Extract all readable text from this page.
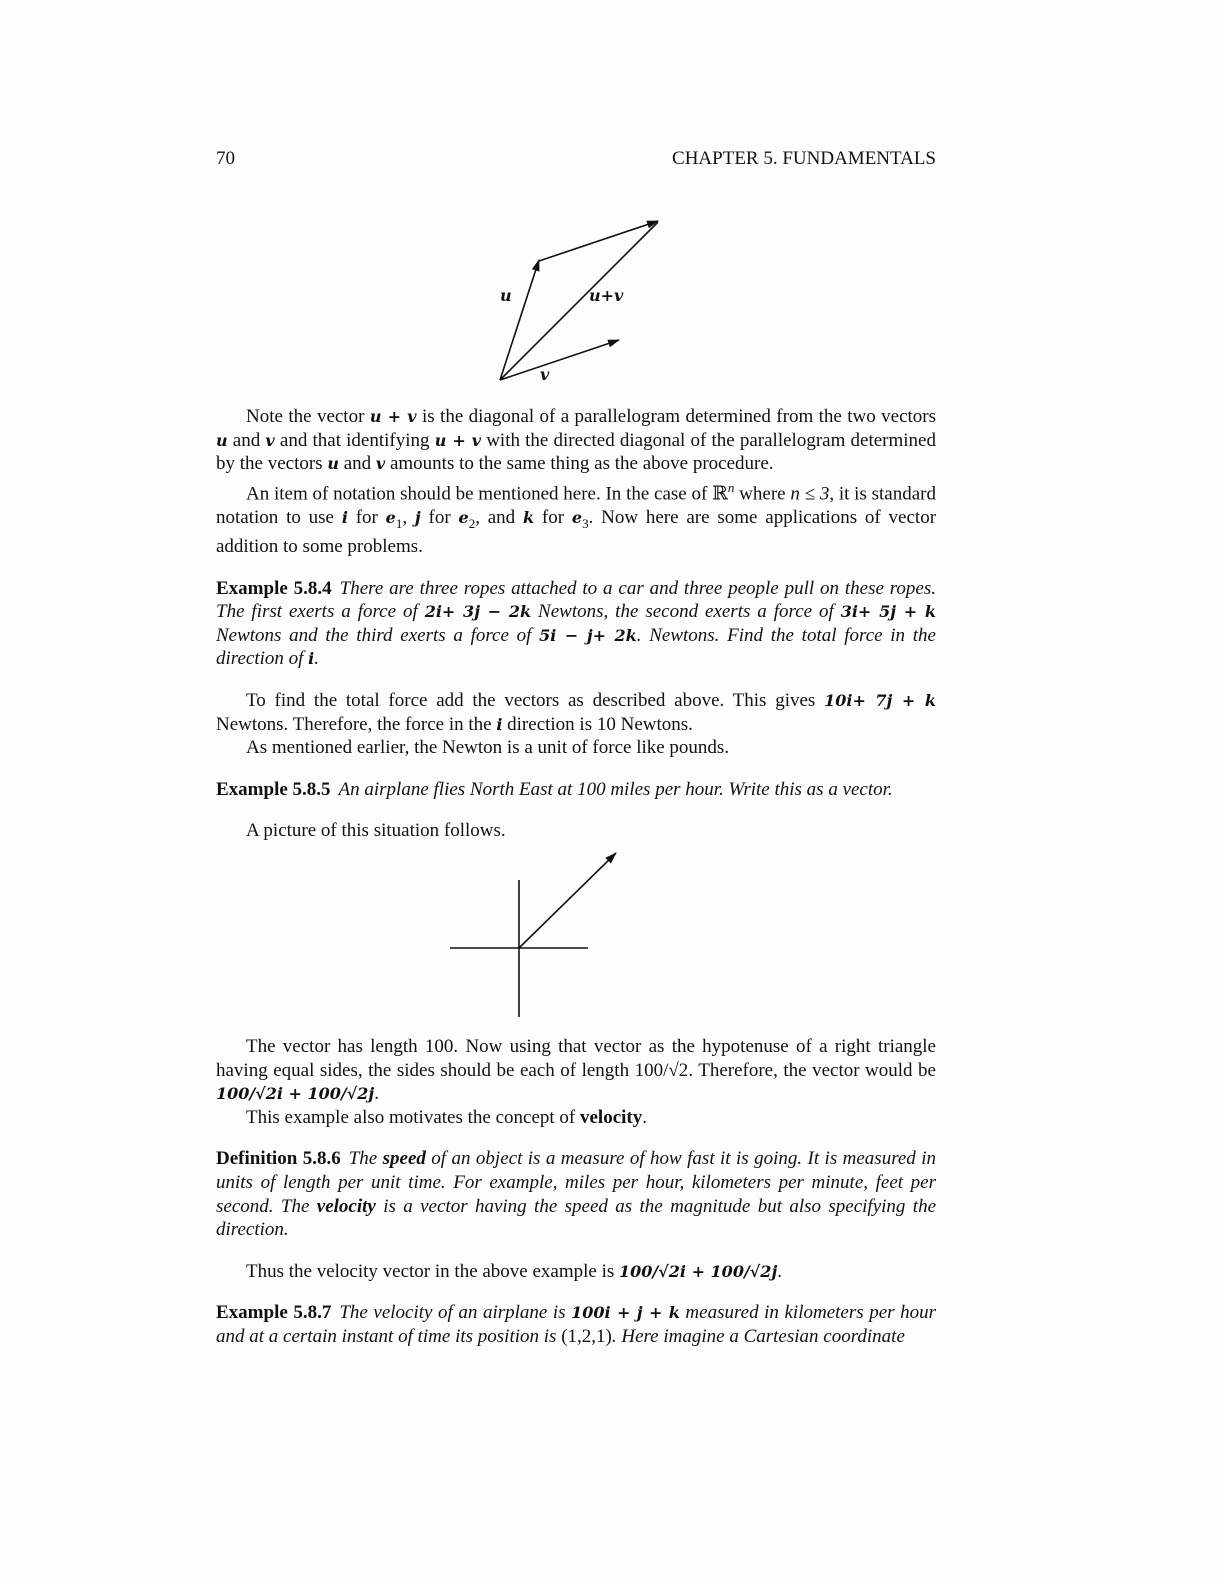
70	CHAPTER 5. FUNDAMENTALS
u
v
u+v

Note the vector u + v is the diagonal of a parallelogram determined from the two vectors u and v and that identifying u + v with the directed diagonal of the parallelogram determined by the vectors u and v amounts to the same thing as the above procedure.

An item of notation should be mentioned here. In the case of ℝ$^n$ where n ≤ 3, it is standard notation to use i for $e_1$, j for $e_2$, and k for $e_3$. Now here are some applications of vector addition to some problems.

Example 5.8.4 There are three ropes attached to a car and three people pull on these ropes. The first exerts a force of 2i+ 3j − 2k Newtons, the second exerts a force of 3i+ 5j + k Newtons and the third exerts a force of 5i − j+ 2k. Newtons. Find the total force in the direction of i.

To find the total force add the vectors as described above. This gives 10i+ 7j + k Newtons. Therefore, the force in the i direction is 10 Newtons.

As mentioned earlier, the Newton is a unit of force like pounds.

Example 5.8.5 An airplane flies North East at 100 miles per hour. Write this as a vector.

A picture of this situation follows.

The vector has length 100. Now using that vector as the hypotenuse of a right triangle having equal sides, the sides should be each of length 100/√2. Therefore, the vector would be 100/√2i + 100/√2j.

This example also motivates the concept of velocity.

Definition 5.8.6 The speed of an object is a measure of how fast it is going. It is measured in units of length per unit time. For example, miles per hour, kilometers per minute, feet per second. The velocity is a vector having the speed as the magnitude but also specifying the direction.

Thus the velocity vector in the above example is 100/√2i + 100/√2j.

Example 5.8.7 The velocity of an airplane is 100i + j + k measured in kilometers per hour and at a certain instant of time its position is (1,2,1). Here imagine a Cartesian coordinate
